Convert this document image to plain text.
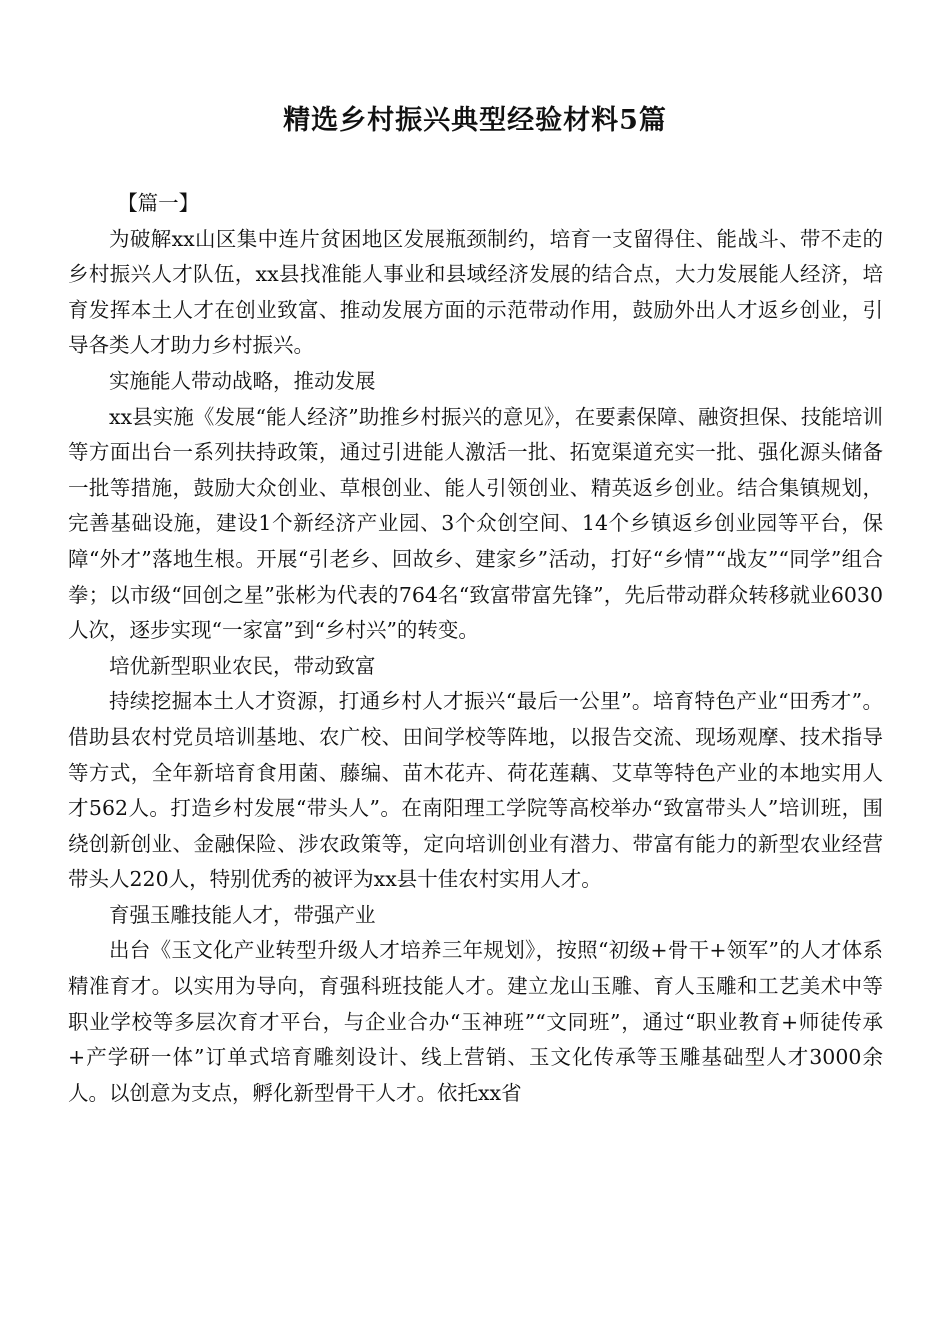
精选乡村振兴典型经验材料5篇

【篇一】

为破解xx山区集中连片贫困地区发展瓶颈制约，培育一支留得住、能战斗、带不走的乡村振兴人才队伍，xx县找准能人事业和县域经济发展的结合点，大力发展能人经济，培育发挥本土人才在创业致富、推动发展方面的示范带动作用，鼓励外出人才返乡创业，引导各类人才助力乡村振兴。

实施能人带动战略，推动发展

xx县实施《发展“能人经济”助推乡村振兴的意见》，在要素保障、融资担保、技能培训等方面出台一系列扶持政策，通过引进能人激活一批、拓宽渠道充实一批、强化源头储备一批等措施，鼓励大众创业、草根创业、能人引领创业、精英返乡创业。结合集镇规划，完善基础设施，建设1个新经济产业园、3个众创空间、14个乡镇返乡创业园等平台，保障“外才”落地生根。开展“引老乡、回故乡、建家乡”活动，打好“乡情”“战友”“同学”组合拳；以市级“回创之星”张彬为代表的764名“致富带富先锋”，先后带动群众转移就业6030人次，逐步实现“一家富”到“乡村兴”的转变。

培优新型职业农民，带动致富

持续挖掘本土人才资源，打通乡村人才振兴“最后一公里”。培育特色产业“田秀才”。借助县农村党员培训基地、农广校、田间学校等阵地，以报告交流、现场观摩、技术指导等方式，全年新培育食用菌、藤编、苗木花卉、荷花莲藕、艾草等特色产业的本地实用人才562人。打造乡村发展“带头人”。在南阳理工学院等高校举办“致富带头人”培训班，围绕创新创业、金融保险、涉农政策等，定向培训创业有潜力、带富有能力的新型农业经营带头人220人，特别优秀的被评为xx县十佳农村实用人才。

育强玉雕技能人才，带强产业

出台《玉文化产业转型升级人才培养三年规划》，按照“初级+骨干+领军”的人才体系精准育才。以实用为导向，育强科班技能人才。建立龙山玉雕、育人玉雕和工艺美术中等职业学校等多层次育才平台，与企业合办“玉神班”“文同班”，通过“职业教育+师徒传承+产学研一体”订单式培育雕刻设计、线上营销、玉文化传承等玉雕基础型人才3000余人。以创意为支点，孵化新型骨干人才。依托xx省
